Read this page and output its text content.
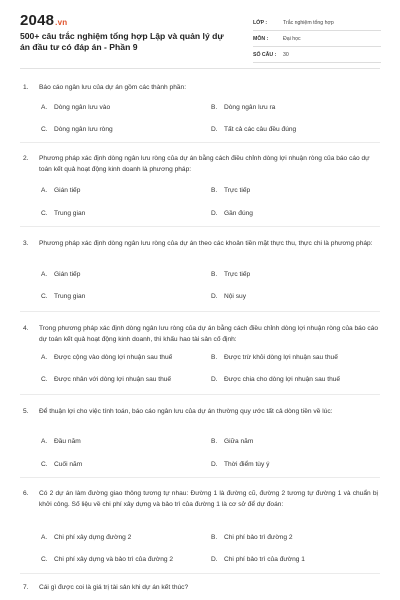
2048.vn
500+ câu trắc nghiệm tổng hợp Lập và quản lý dự án đầu tư có đáp án - Phần 9
LỚP :	Trắc nghiệm tổng hợp
MÔN :	Đại học
SỐ CÂU :	30
1. Báo cáo ngân lưu của dự án gồm các thành phần:
A. Dòng ngân lưu vào	B. Dòng ngân lưu ra
C. Dòng ngân lưu ròng	D. Tất cả các câu đều đúng
2. Phương pháp xác định dòng ngân lưu ròng của dự án bằng cách điều chỉnh dòng lợi nhuận ròng của báo cáo dự toán kết quả hoạt động kinh doanh là phương pháp:
A. Gián tiếp	B. Trực tiếp
C. Trung gian	D. Gần đúng
3. Phương pháp xác định dòng ngân lưu ròng của dự án theo các khoản tiền mặt thực thu, thực chi là phương pháp:
A. Gián tiếp	B. Trực tiếp
C. Trung gian	D. Nội suy
4. Trong phương pháp xác định dòng ngân lưu ròng của dự án bằng cách điều chỉnh dòng lợi nhuận ròng của báo cáo dự toán kết quả hoạt động kinh doanh, thì khấu hao tài sản cố định:
A. Được cộng vào dòng lợi nhuận sau thuế	B. Được trừ khỏi dòng lợi nhuận sau thuế
C. Được nhân với dòng lợi nhuận sau thuế	D. Được chia cho dòng lợi nhuận sau thuế
5. Để thuận lợi cho việc tính toán, báo cáo ngân lưu của dự án thường quy ước tất cả dòng tiền về lúc:
A. Đầu năm	B. Giữa năm
C. Cuối năm	D. Thời điểm tùy ý
6. Có 2 dự án làm đường giao thông tương tự nhau: Đường 1 là đường cũ, đường 2 tương tự đường 1 và chuẩn bị khởi công. Số liệu về chi phí xây dựng và bảo trì của đường 1 là cơ sở để dự đoán:
A. Chi phí xây dựng đường 2	B. Chi phí bảo trì đường 2
C. Chi phí xây dựng và bảo trì của đường 2	D. Chi phí bảo trì của đường 1
7. Cái gì được coi là giá trị tài sản khi dự án kết thúc?
